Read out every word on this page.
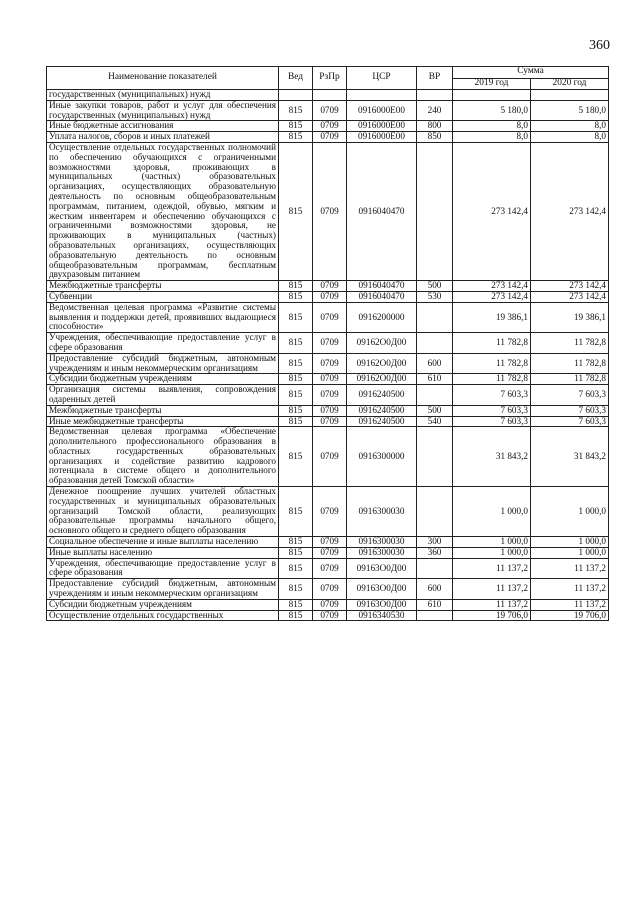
360
Наименование показателей	Вед	РзПр	ЦСР	ВР	Сумма	
					2019 год	2020 год
государственных (муниципальных) нужд						
Иные закупки товаров, работ и услуг для обеспечения государственных (муниципальных) нужд	815	0709	0916000E00	240	5 180,0	5 180,0
Иные бюджетные ассигнования	815	0709	0916000E00	800	8,0	8,0
Уплата налогов, сборов и иных платежей	815	0709	0916000E00	850	8,0	8,0
Осуществление отдельных государственных полномочий по обеспечению обучающихся с ограниченными возможностями здоровья, проживающих в муниципальных (частных) образовательных организациях, осуществляющих образовательную деятельность по основным общеобразовательным программам, питанием, одеждой, обувью, мягким и жестким инвентарем и обеспечению обучающихся с ограниченными возможностями здоровья, не проживающих в муниципальных (частных) образовательных организациях, осуществляющих образовательную деятельность по основным общеобразовательным программам, бесплатным двухразовым питанием	815	0709	0916040470		273 142,4	273 142,4
Межбюджетные трансферты	815	0709	0916040470	500	273 142,4	273 142,4
Субвенции	815	0709	0916040470	530	273 142,4	273 142,4
Ведомственная целевая программа «Развитие системы выявления и поддержки детей, проявивших выдающиеся способности»	815	0709	0916200000		19 386,1	19 386,1
Учреждения, обеспечивающие предоставление услуг в сфере образования	815	0709	09162О0Д00		11 782,8	11 782,8
Предоставление субсидий бюджетным, автономным учреждениям и иным некоммерческим организациям	815	0709	09162О0Д00	600	11 782,8	11 782,8
Субсидии бюджетным учреждениям	815	0709	09162О0Д00	610	11 782,8	11 782,8
Организация системы выявления, сопровождения одаренных детей	815	0709	0916240500		7 603,3	7 603,3
Межбюджетные трансферты	815	0709	0916240500	500	7 603,3	7 603,3
Иные межбюджетные трансферты	815	0709	0916240500	540	7 603,3	7 603,3
Ведомственная целевая программа «Обеспечение дополнительного профессионального образования в областных государственных образовательных организациях и содействие развитию кадрового потенциала в системе общего и дополнительного образования детей Томской области»	815	0709	0916300000		31 843,2	31 843,2
Денежное поощрение лучших учителей областных государственных и муниципальных образовательных организаций Томской области, реализующих образовательные программы начального общего, основного общего и среднего общего образования	815	0709	0916300030		1 000,0	1 000,0
Социальное обеспечение и иные выплаты населению	815	0709	0916300030	300	1 000,0	1 000,0
Иные выплаты населению	815	0709	0916300030	360	1 000,0	1 000,0
Учреждения, обеспечивающие предоставление услуг в сфере образования	815	0709	09163О0Д00		11 137,2	11 137,2
Предоставление субсидий бюджетным, автономным учреждениям и иным некоммерческим организациям	815	0709	09163О0Д00	600	11 137,2	11 137,2
Субсидии бюджетным учреждениям	815	0709	09163О0Д00	610	11 137,2	11 137,2
Осуществление отдельных государственных	815	0709	0916340530		19 706,0	19 706,0
